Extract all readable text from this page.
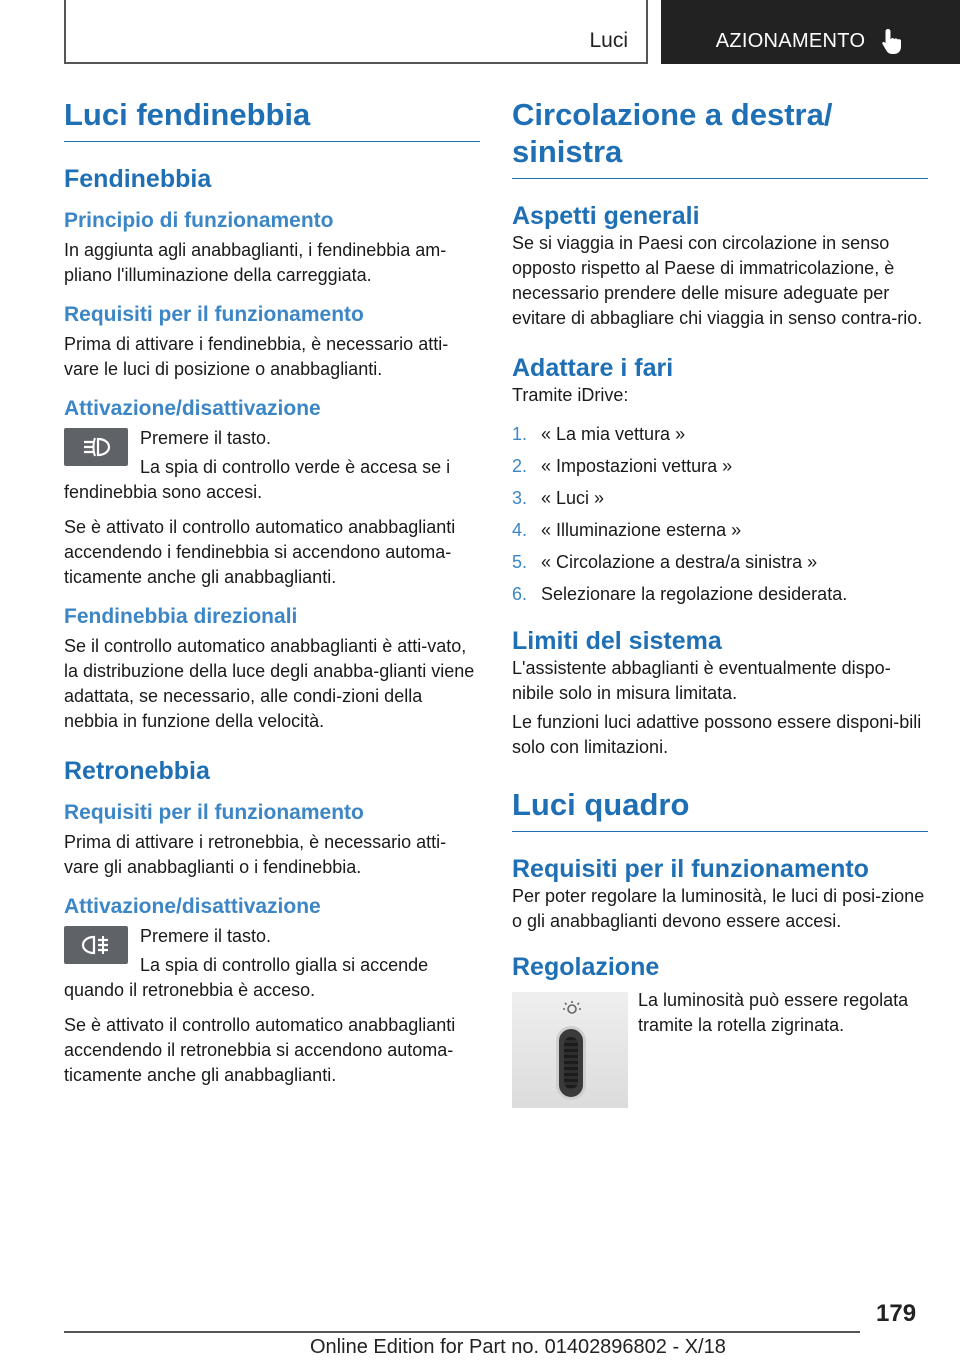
Luci	AZIONAMENTO
Luci fendinebbia
Fendinebbia
Principio di funzionamento

In aggiunta agli anabbaglianti, i fendinebbia am-pliano l'illuminazione della carreggiata.

Requisiti per il funzionamento

Prima di attivare i fendinebbia, è necessario atti-vare le luci di posizione o anabbaglianti.

Attivazione/disattivazione

Premere il tasto.

La spia di controllo verde è accesa se i fendinebbia sono accesi.

Se è attivato il controllo automatico anabbaglianti accendendo i fendinebbia si accendono automa-ticamente anche gli anabbaglianti.

Fendinebbia direzionali

Se il controllo automatico anabbaglianti è atti-vato, la distribuzione della luce degli anabba-glianti viene adattata, se necessario, alle condi-zioni della nebbia in funzione della velocità.

Retronebbia
Requisiti per il funzionamento

Prima di attivare i retronebbia, è necessario atti-vare gli anabbaglianti o i fendinebbia.

Attivazione/disattivazione

Premere il tasto.

La spia di controllo gialla si accende quando il retronebbia è acceso.

Se è attivato il controllo automatico anabbaglianti accendendo il retronebbia si accendono automa-ticamente anche gli anabbaglianti.

Circolazione a destra/ sinistra
Aspetti generali

Se si viaggia in Paesi con circolazione in senso opposto rispetto al Paese di immatricolazione, è necessario prendere delle misure adeguate per evitare di abbagliare chi viaggia in senso contra-rio.

Adattare i fari

Tramite iDrive:

1. « La mia vettura »
2. « Impostazioni vettura »
3. « Luci »
4. « Illuminazione esterna »
5. « Circolazione a destra/a sinistra »
6. Selezionare la regolazione desiderata.
Limiti del sistema

L'assistente abbaglianti è eventualmente dispo-nibile solo in misura limitata.

Le funzioni luci adattive possono essere disponi-bili solo con limitazioni.

Luci quadro
Requisiti per il funzionamento

Per poter regolare la luminosità, le luci di posi-zione o gli anabbaglianti devono essere accesi.

Regolazione

La luminosità può essere regolata tramite la rotella zigrinata.

179
Online Edition for Part no. 01402896802 - X/18
